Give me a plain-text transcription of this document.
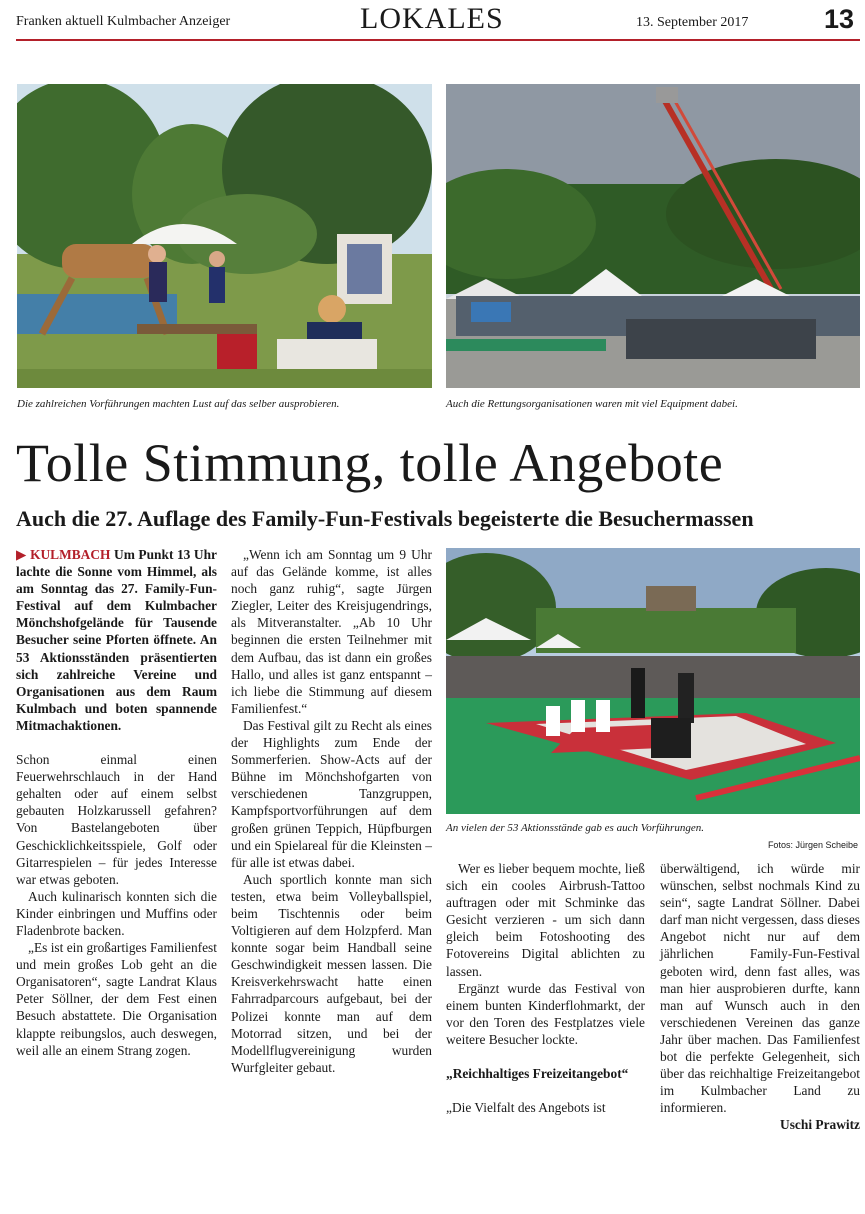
Franken aktuell Kulmbacher Anzeiger	LOKALES	13. September 2017	13
Die zahlreichen Vorführungen machten Lust auf das selber ausprobieren.	Auch die Rettungsorganisationen waren mit viel Equipment dabei.
Tolle Stimmung, tolle Angebote
Auch die 27. Auflage des Family-Fun-Festivals begeisterte die Besuchermassen

▶ KULMBACH Um Punkt 13 Uhr lachte die Sonne vom Himmel, als am Sonntag das 27. Family-Fun-Festival auf dem Kulmbacher Mönchshofgelände für Tausende Besucher seine Pforten öffnete. An 53 Aktionsständen präsentierten sich zahlreiche Vereine und Organisationen aus dem Raum Kulmbach und boten spannende Mitmachaktionen.

Schon einmal einen Feuerwehrschlauch in der Hand gehalten oder auf einem selbst gebauten Holzkarussell gefahren? Von Bastelangeboten über Geschicklichkeitsspiele, Golf oder Gitarrespielen – für jedes Interesse war etwas geboten.

Auch kulinarisch konnten sich die Kinder einbringen und Muffins oder Fladenbrote backen.

„Es ist ein großartiges Familienfest und mein großes Lob geht an die Organisatoren“, sagte Landrat Klaus Peter Söllner, der dem Fest einen Besuch abstattete. Die Organisation klappte reibungslos, auch deswegen, weil alle an einem Strang zogen.

„Wenn ich am Sonntag um 9 Uhr auf das Gelände komme, ist alles noch ganz ruhig“, sagte Jürgen Ziegler, Leiter des Kreisjugendrings, als Mitveranstalter. „Ab 10 Uhr beginnen die ersten Teilnehmer mit dem Aufbau, das ist dann ein großes Hallo, und alles ist ganz entspannt – ich liebe die Stimmung auf diesem Familienfest.“

Das Festival gilt zu Recht als eines der Highlights zum Ende der Sommerferien. Show-Acts auf der Bühne im Mönchshofgarten von verschiedenen Tanzgruppen, Kampfsportvorführungen auf dem großen grünen Teppich, Hüpfburgen und ein Spielareal für die Kleinsten – für alle ist etwas dabei.

Auch sportlich konnte man sich testen, etwa beim Volleyballspiel, beim Tischtennis oder beim Voltigieren auf dem Holzpferd. Man konnte sogar beim Handball seine Geschwindigkeit messen lassen. Die Kreisverkehrswacht hatte einen Fahrradparcours aufgebaut, bei der Polizei konnte man auf dem Motorrad sitzen, und bei der Modellflugvereinigung wurden Wurfgleiter gebaut.

An vielen der 53 Aktionsstände gab es auch Vorführungen.
Fotos: Jürgen Scheibe

Wer es lieber bequem mochte, ließ sich ein cooles Airbrush-Tattoo auftragen oder mit Schminke das Gesicht verzieren - um sich dann gleich beim Fotoshooting des Fotovereins Digital ablichten zu lassen.

Ergänzt wurde das Festival von einem bunten Kinderflohmarkt, der vor den Toren des Festplatzes viele weitere Besucher lockte.

„Reichhaltiges Freizeitangebot“

„Die Vielfalt des Angebots ist

überwältigend, ich würde mir wünschen, selbst nochmals Kind zu sein“, sagte Landrat Söllner. Dabei darf man nicht vergessen, dass dieses Angebot nicht nur auf dem jährlichen Family-Fun-Festival geboten wird, denn fast alles, was man hier ausprobieren durfte, kann man auf Wunsch auch in den verschiedenen Vereinen das ganze Jahr über machen. Das Familienfest bot die perfekte Gelegenheit, sich über das reichhaltige Freizeitangebot im Kulmbacher Land zu informieren.

Uschi Prawitz
